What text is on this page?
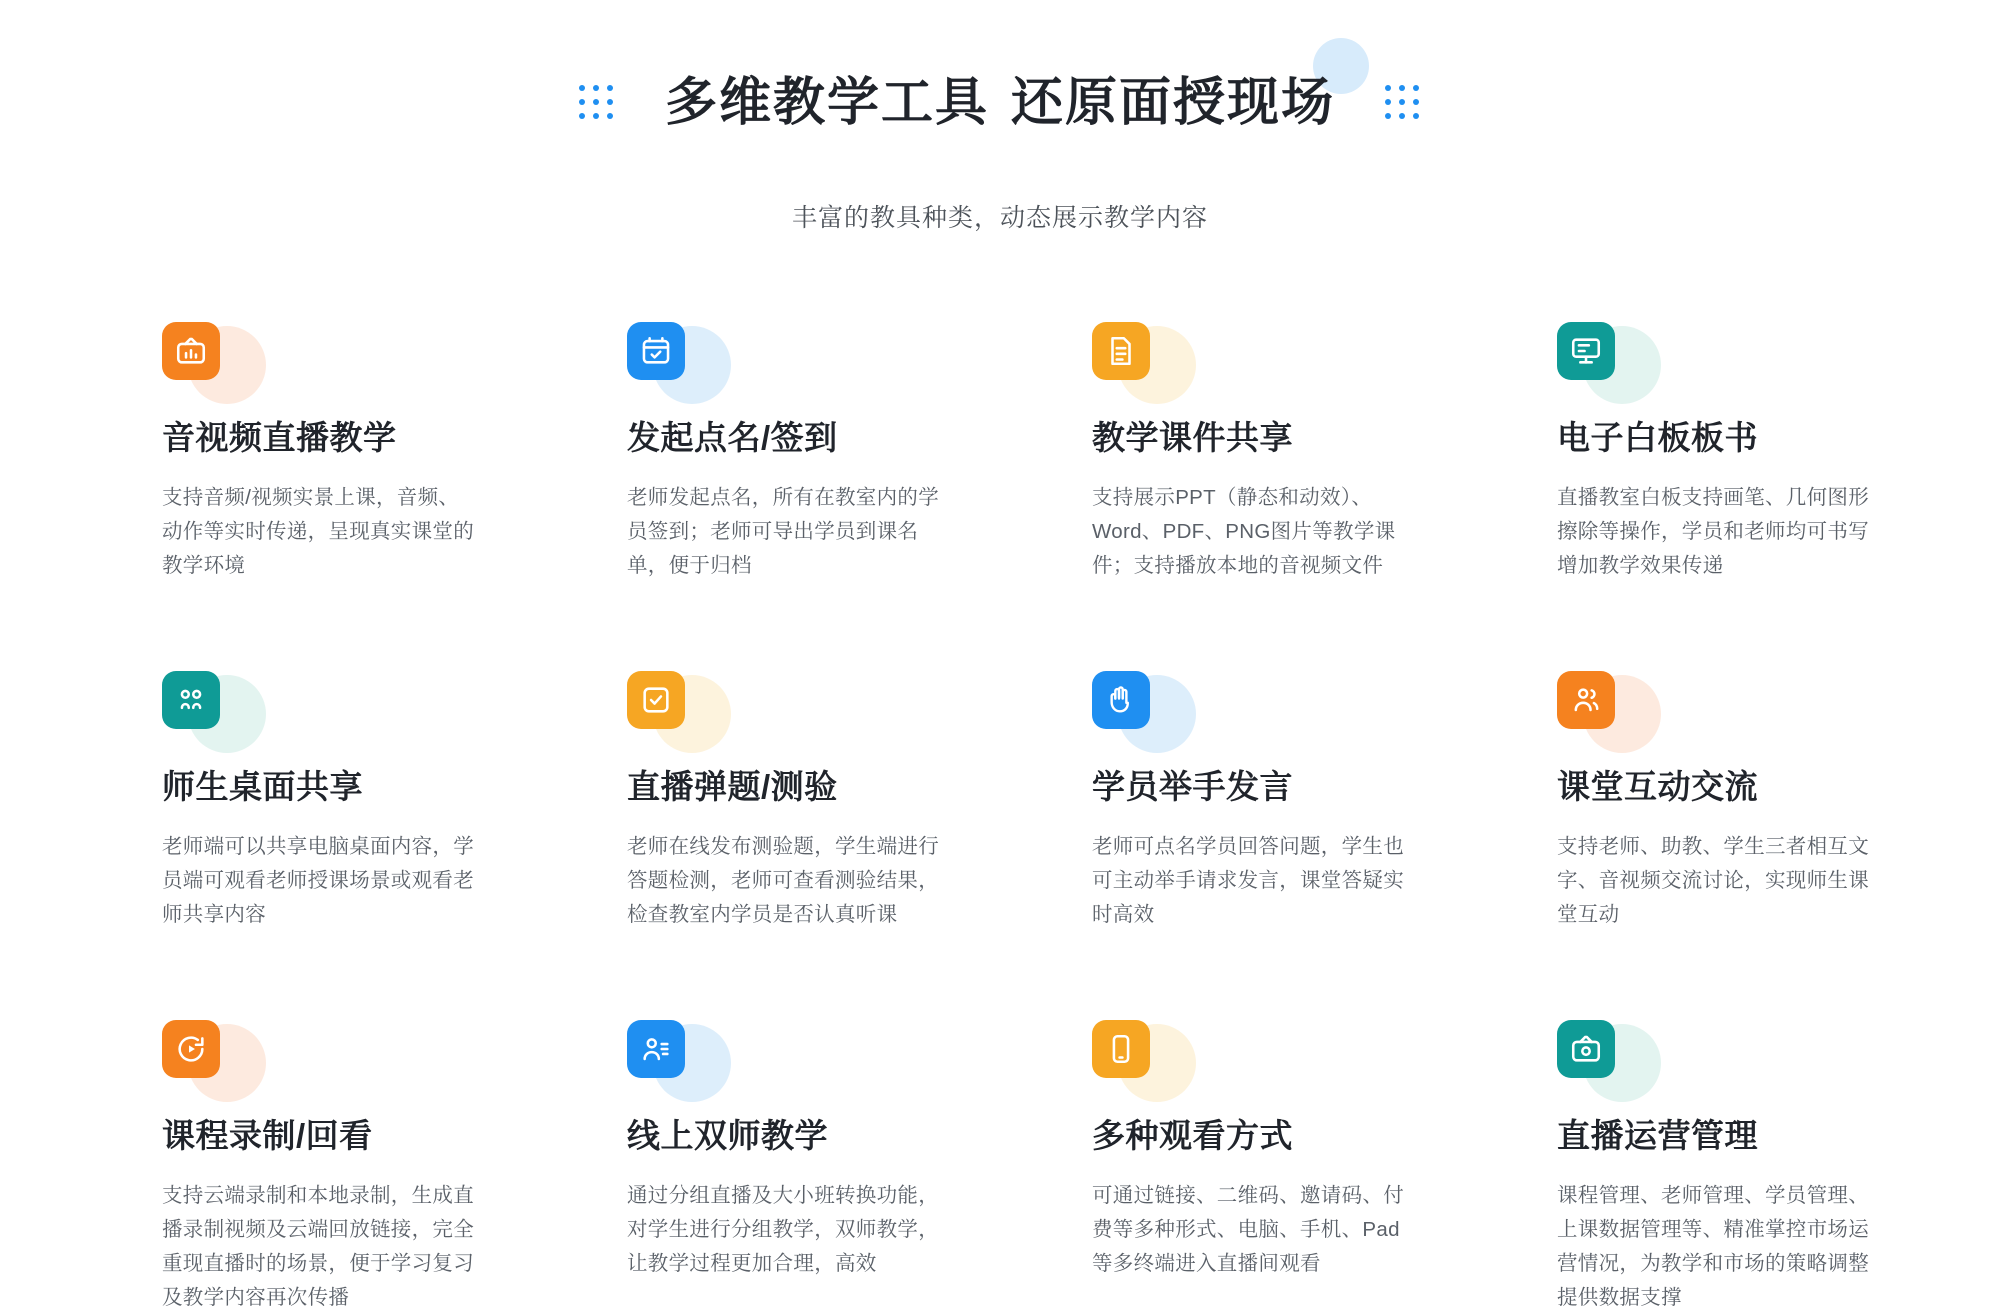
多维教学工具 还原面授现场
丰富的教具种类，动态展示教学内容
音视频直播教学

支持音频/视频实景上课，音频、动作等实时传递，呈现真实课堂的教学环境

发起点名/签到

老师发起点名，所有在教室内的学员签到；老师可导出学员到课名单，便于归档

教学课件共享

支持展示PPT（静态和动效）、Word、PDF、PNG图片等教学课件；支持播放本地的音视频文件

电子白板板书

直播教室白板支持画笔、几何图形擦除等操作，学员和老师均可书写增加教学效果传递

师生桌面共享

老师端可以共享电脑桌面内容，学员端可观看老师授课场景或观看老师共享内容

直播弹题/测验

老师在线发布测验题，学生端进行答题检测，老师可查看测验结果，检查教室内学员是否认真听课

学员举手发言

老师可点名学员回答问题，学生也可主动举手请求发言，课堂答疑实时高效

课堂互动交流

支持老师、助教、学生三者相互文字、音视频交流讨论，实现师生课堂互动

课程录制/回看

支持云端录制和本地录制，生成直播录制视频及云端回放链接，完全重现直播时的场景，便于学习复习及教学内容再次传播

线上双师教学

通过分组直播及大小班转换功能，对学生进行分组教学，双师教学，让教学过程更加合理，高效

多种观看方式

可通过链接、二维码、邀请码、付费等多种形式、电脑、手机、Pad等多终端进入直播间观看

直播运营管理

课程管理、老师管理、学员管理、上课数据管理等、精准掌控市场运营情况，为教学和市场的策略调整提供数据支撑
